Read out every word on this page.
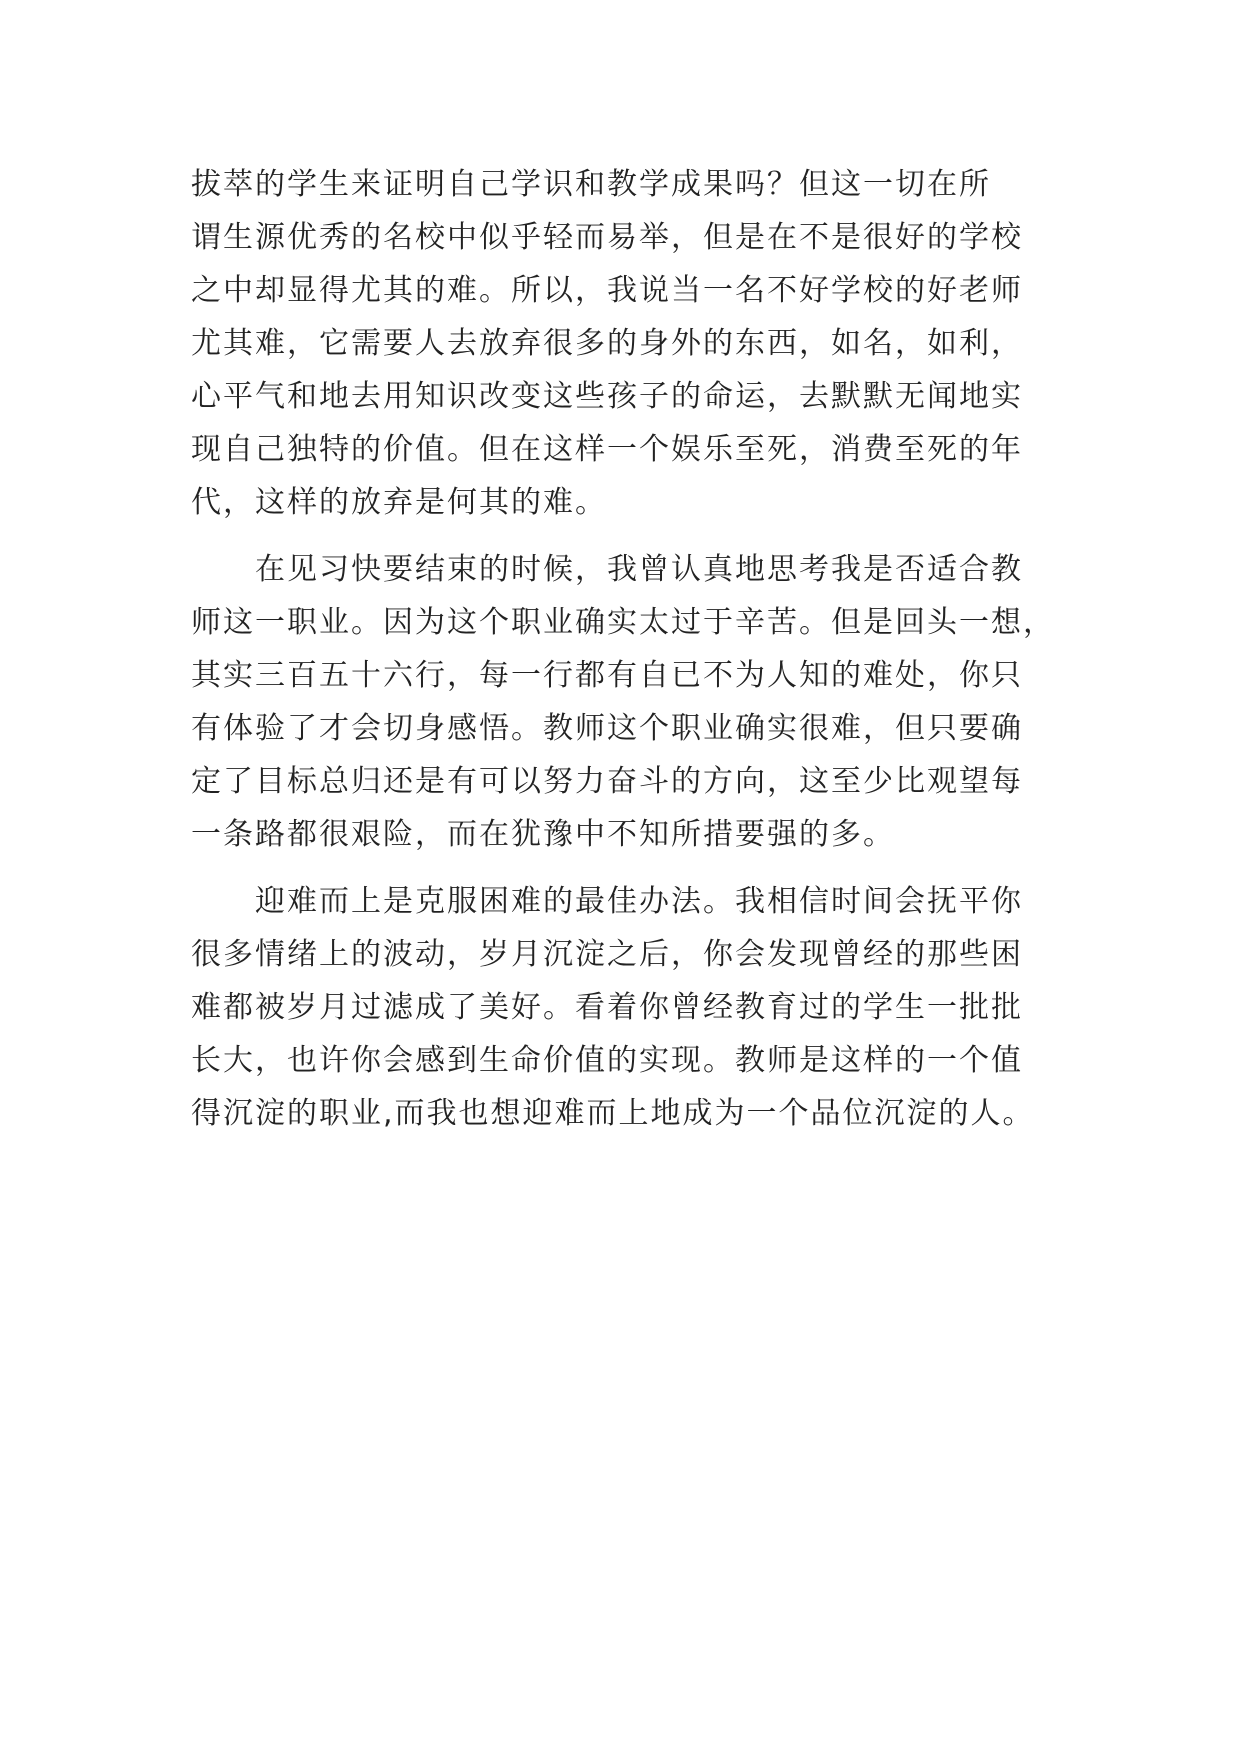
拔萃的学生来证明自己学识和教学成果吗？但这一切在所
谓生源优秀的名校中似乎轻而易举，但是在不是很好的学校
之中却显得尤其的难。所以，我说当一名不好学校的好老师
尤其难，它需要人去放弃很多的身外的东西，如名，如利，
心平气和地去用知识改变这些孩子的命运，去默默无闻地实
现自己独特的价值。但在这样一个娱乐至死，消费至死的年
代，这样的放弃是何其的难。
　　在见习快要结束的时候，我曾认真地思考我是否适合教
师这一职业。因为这个职业确实太过于辛苦。但是回头一想，
其实三百五十六行，每一行都有自已不为人知的难处，你只
有体验了才会切身感悟。教师这个职业确实很难，但只要确
定了目标总归还是有可以努力奋斗的方向，这至少比观望每
一条路都很艰险，而在犹豫中不知所措要强的多。
　　迎难而上是克服困难的最佳办法。我相信时间会抚平你
很多情绪上的波动，岁月沉淀之后，你会发现曾经的那些困
难都被岁月过滤成了美好。看着你曾经教育过的学生一批批
长大，也许你会感到生命价值的实现。教师是这样的一个值
得沉淀的职业,而我也想迎难而上地成为一个品位沉淀的人。
